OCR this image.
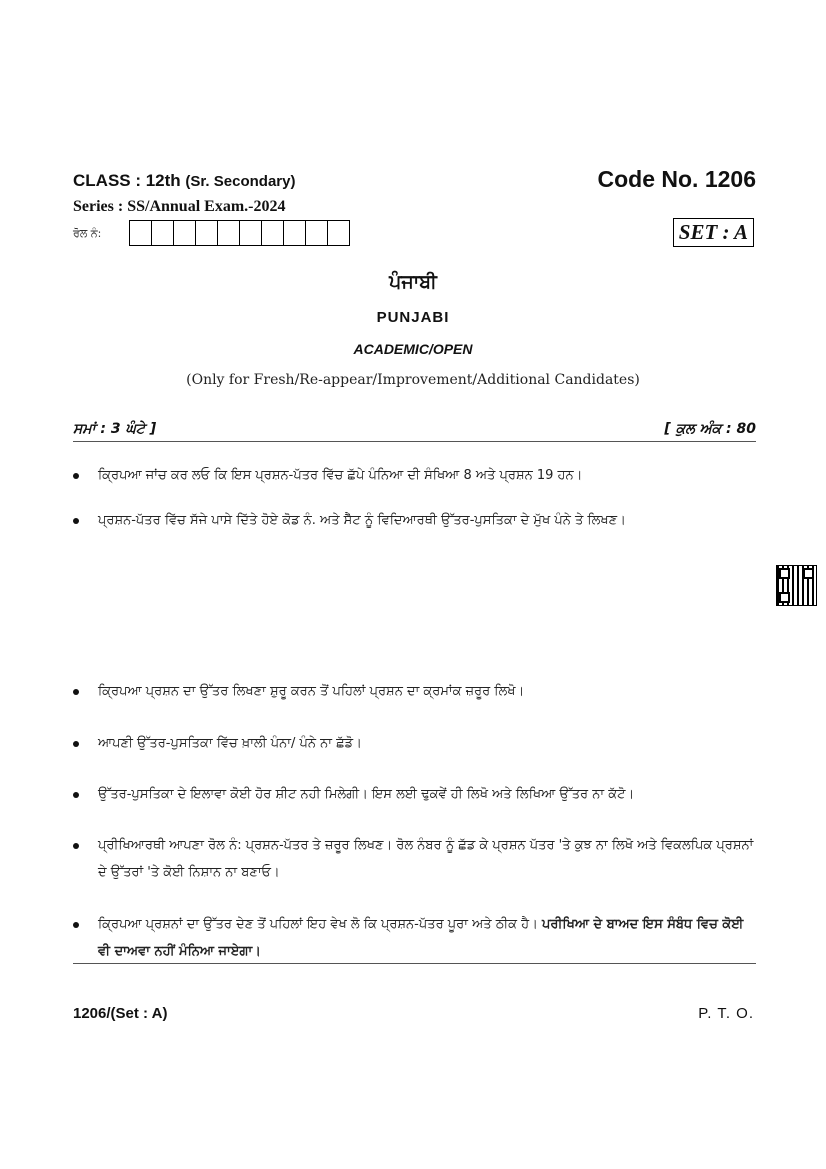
CLASS : 12th (Sr. Secondary)	Code No. 1206
Series : SS/Annual Exam.-2024
ਰੋਲ ਨੰ:	SET : A
ਪੰਜਾਬੀ
PUNJABI
ACADEMIC/OPEN
(Only for Fresh/Re-appear/Improvement/Additional Candidates)
ਸਮਾਂ : 3 ਘੰਟੇ ]	[ ਕੁਲ ਅੰਕ : 80
ਕ੍ਰਿਪਆ ਜਾਂਚ ਕਰ ਲਓ ਕਿ ਇਸ ਪ੍ਰਸ਼ਨ-ਪੱਤਰ ਵਿੱਚ ਛੱਪੇ ਪੰਨਿਆ ਦੀ ਸੰਖਿਆ 8 ਅਤੇ ਪ੍ਰਸ਼ਨ 19 ਹਨ।
ਪ੍ਰਸ਼ਨ-ਪੱਤਰ ਵਿੱਚ ਸੱਜੇ ਪਾਸੇ ਦਿੱਤੇ ਹੋਏ ਕੋਡ ਨੰ. ਅਤੇ ਸੈੱਟ ਨੂੰ ਵਿਦਿਆਰਥੀ ਉੱਤਰ-ਪੁਸਤਿਕਾ ਦੇ ਮੁੱਖ ਪੰਨੇ ਤੇ ਲਿਖਣ।
ਕ੍ਰਿਪਆ ਪ੍ਰਸ਼ਨ ਦਾ ਉੱਤਰ ਲਿਖਣਾ ਸ਼ੁਰੂ ਕਰਨ ਤੋਂ ਪਹਿਲਾਂ ਪ੍ਰਸ਼ਨ ਦਾ ਕ੍ਰਮਾਂਕ ਜ਼ਰੂਰ ਲਿਖੋ।
ਆਪਣੀ ਉੱਤਰ-ਪੁਸਤਿਕਾ ਵਿੱਚ ਖ਼ਾਲੀ ਪੰਨਾ/ ਪੰਨੇ ਨਾ ਛੱਡੋ।
ਉੱਤਰ-ਪੁਸਤਿਕਾ ਦੇ ਇਲਾਵਾ ਕੋਈ ਹੋਰ ਸ਼ੀਟ ਨਹੀ ਮਿਲੇਗੀ। ਇਸ ਲਈ ਢੁਕਵੇਂ ਹੀ ਲਿਖੋ ਅਤੇ ਲਿਖਿਆ ਉੱਤਰ ਨਾ ਕੱਟੋ।
ਪ੍ਰੀਖਿਆਰਥੀ ਆਪਣਾ ਰੋਲ ਨੰ: ਪ੍ਰਸ਼ਨ-ਪੱਤਰ ਤੇ ਜ਼ਰੂਰ ਲਿਖਣ। ਰੋਲ ਨੰਬਰ ਨੂੰ ਛੱਡ ਕੇ ਪ੍ਰਸ਼ਨ ਪੱਤਰ 'ਤੇ ਕੁਝ ਨਾ ਲਿਖੋ ਅਤੇ ਵਿਕਲਪਿਕ ਪ੍ਰਸ਼ਨਾਂ ਦੇ ਉੱਤਰਾਂ 'ਤੇ ਕੋਈ ਨਿਸ਼ਾਨ ਨਾ ਬਣਾਓ।
ਕ੍ਰਿਪਆ ਪ੍ਰਸ਼ਨਾਂ ਦਾ ਉੱਤਰ ਦੇਣ ਤੋਂ ਪਹਿਲਾਂ ਇਹ ਵੇਖ ਲੋ ਕਿ ਪ੍ਰਸ਼ਨ-ਪੱਤਰ ਪੂਰਾ ਅਤੇ ਠੀਕ ਹੈ। ਪਰੀਖਿਆ ਦੇ ਬਾਅਦ ਇਸ ਸੰਬੰਧ ਵਿਚ ਕੋਈ ਵੀ ਦਾਅਵਾ ਨਹੀਂ ਮੰਨਿਆ ਜਾਏਗਾ।
1206/(Set : A)	P. T. O.
